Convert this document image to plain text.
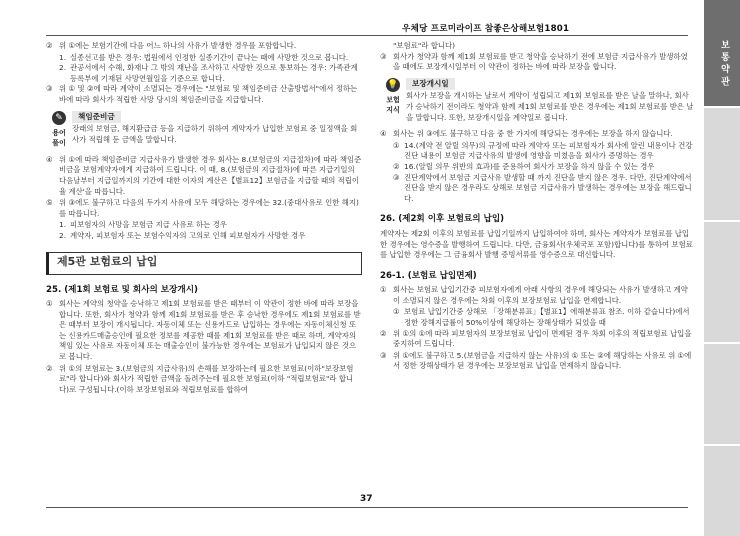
우체당 프로미라이프 참좋은상해보험1801
보 통 약 관
② 위 ①에는 보험기간에 다음 어느 하나의 사유가 발생한 경우를 포함합니다.
1. 실종선고를 받은 경우: 법원에서 인정한 실종기간이 끝나는 때에 사망한 것으로 봅니다.
2. 관공서에서 수해, 화재나 그 밖의 재난을 조사하고 사망한 것으로 통보하는 경우: 가족관계등록부에 기재된 사망연월일을 기준으로 합니다.
③ 위 ① 및 ②에 따라 계약이 소멸되는 경우에는 "보험료 및 책임준비금 산출방법서"에서 정하는 바에 따라 회사가 적립한 사망 당시의 책임준비금을 지급합니다.
✎
용어
풀이
책임준비금
장래의 보험금, 해지환급금 등을 지급하기 위하여 계약자가 납입한 보험료 중 일정액을 회사가 적립해 둔 금액을 말합니다.
④ 위 ①에 따라 책임준비금 지급사유가 발생한 경우 회사는 8.(보험금의 지급절차)에 따라 책임준비금을 보험계약자에게 지급하여 드립니다. 이 때, 8.(보험금의 지급절차)에 따른 지급기일의 다음날부터 지급일까지의 기간에 대한 이자의 계산은【별표12】보험금을 지급할 때의 적립이율 계산'을 따릅니다.
⑤ 위 ③에도 불구하고 다음의 두가지 사유에 모두 해당하는 경우에는 32.(중대사유로 인한 해지)를 따릅니다.
1. 피보험자의 사망을 보험금 지급 사유로 하는 경우
2. 계약자, 피보험자 또는 보험수익자의 고의로 인해 피보험자가 사망한 경우
제5관 보험료의 납입
25. (제1회 보험료 및 회사의 보장개시)
① 회사는 계약의 청약을 승낙하고 제1회 보험료를 받은 때부터 이 약관이 정한 바에 따라 보장을 합니다. 또한, 회사가 청약과 함께 제1회 보험료를 받은 후 승낙한 경우에도 제1회 보험료를 받은 때부터 보장이 개시됩니다. 자동이체 또는 신용카드로 납입하는 경우에는 자동이체신청 또는 신용카드매출승인에 필요한 정보를 제공한 때를 제1회 보험료를 받은 때로 하며, 계약자의 책임 있는 사유로 자동이체 또는 매출승인이 불가능한 경우에는 보험료가 납입되지 않은 것으로 봅니다.
② 위 ①의 보험료는 3.(보험금의 지급사유)의 손해를 보장하는데 필요한 보험료(이하"보장보험료"라 합니다)와 회사가 적립한 금액을 돌려주는데 필요한 보험료(이하 "적립보험료"라 합니다)로 구성됩니다.(이하 보장보험료와 적립보험료를 합하여
"보험료"라 합니다)
③ 회사가 청약과 함께 제1회 보험료를 받고 청약을 승낙하기 전에 보험금 지급사유가 발생하였을 때에도 보장개시일부터 이 약관이 정하는 바에 따라 보장을 합니다.
💡
보험
지식
보장개시일
회사가 보장을 개시하는 날로서 계약이 성립되고 제1회 보험료를 받은 날을 말하나, 회사가 승낙하기 전이라도 청약과 함께 제1회 보험료를 받은 경우에는 제1회 보험료를 받은 날을 말합니다. 또한, 보장개시일을 계약일로 봅니다.
④ 회사는 위 ③에도 불구하고 다음 중 한 가지에 해당되는 경우에는 보장을 하지 않습니다.
① 14.(계약 전 알릴 의무)의 규정에 따라 계약자 또는 피보험자가 회사에 알린 내용이나 건강진단 내용이 보험금 지급사유의 발생에 영향을 미쳤음을 회사가 증명하는 경우
② 16.(알릴 의무 위반의 효과)를 준용하여 회사가 보장을 하지 않을 수 있는 경우
③ 진단계약에서 보험금 지급사유 발생할 때 까지 진단을 받지 않은 경우. 다만, 진단계약에서 진단을 받지 않은 경우라도 상해로 보험금 지급사유가 발생하는 경우에는 보장을 해드립니다.
26. (제2회 이후 보험료의 납입)
계약자는 제2회 이후의 보험료를 납입기일까지 납입하여야 하며, 회사는 계약자가 보험료를 납입한 경우에는 영수증을 발행하여 드립니다. 다만, 금융회사(우체국포 포함)합니다)를 통하여 보험료를 납입한 경우에는 그 금융회사 발행 증빙서류를 영수증으로 대신합니다.
26-1. (보험료 납입면제)
① 회사는 보험료 납입기간중 피보험자에게 아래 사항의 경우에 해당되는 사유가 발생하고 계약이 소멸되지 않은 경우에는 차회 이후의 보장보험료 납입을 면제합니다.
① 보험료 납입기간중 상해로 「장해분류표」【별표1】에해분류표 참조. 이하 같습니다)에서 정한 장해지급률이 50%이상에 해당하는 장해상태가 되었을 때
② 위 ①의 ①에 따라 피보험자의 보장보험료 납입이 면제된 경우 차회 이후의 적립보험료 납입을 중지하여 드립니다.
③ 위 ①에도 불구하고 5.(보험금을 지급하지 않는 사유)의 ① 또는 ②에 해당하는 사유로 위 ①에서 정한 장해상태가 된 경우에는 보장보험료 납입을 면제하지 않습니다.
37
